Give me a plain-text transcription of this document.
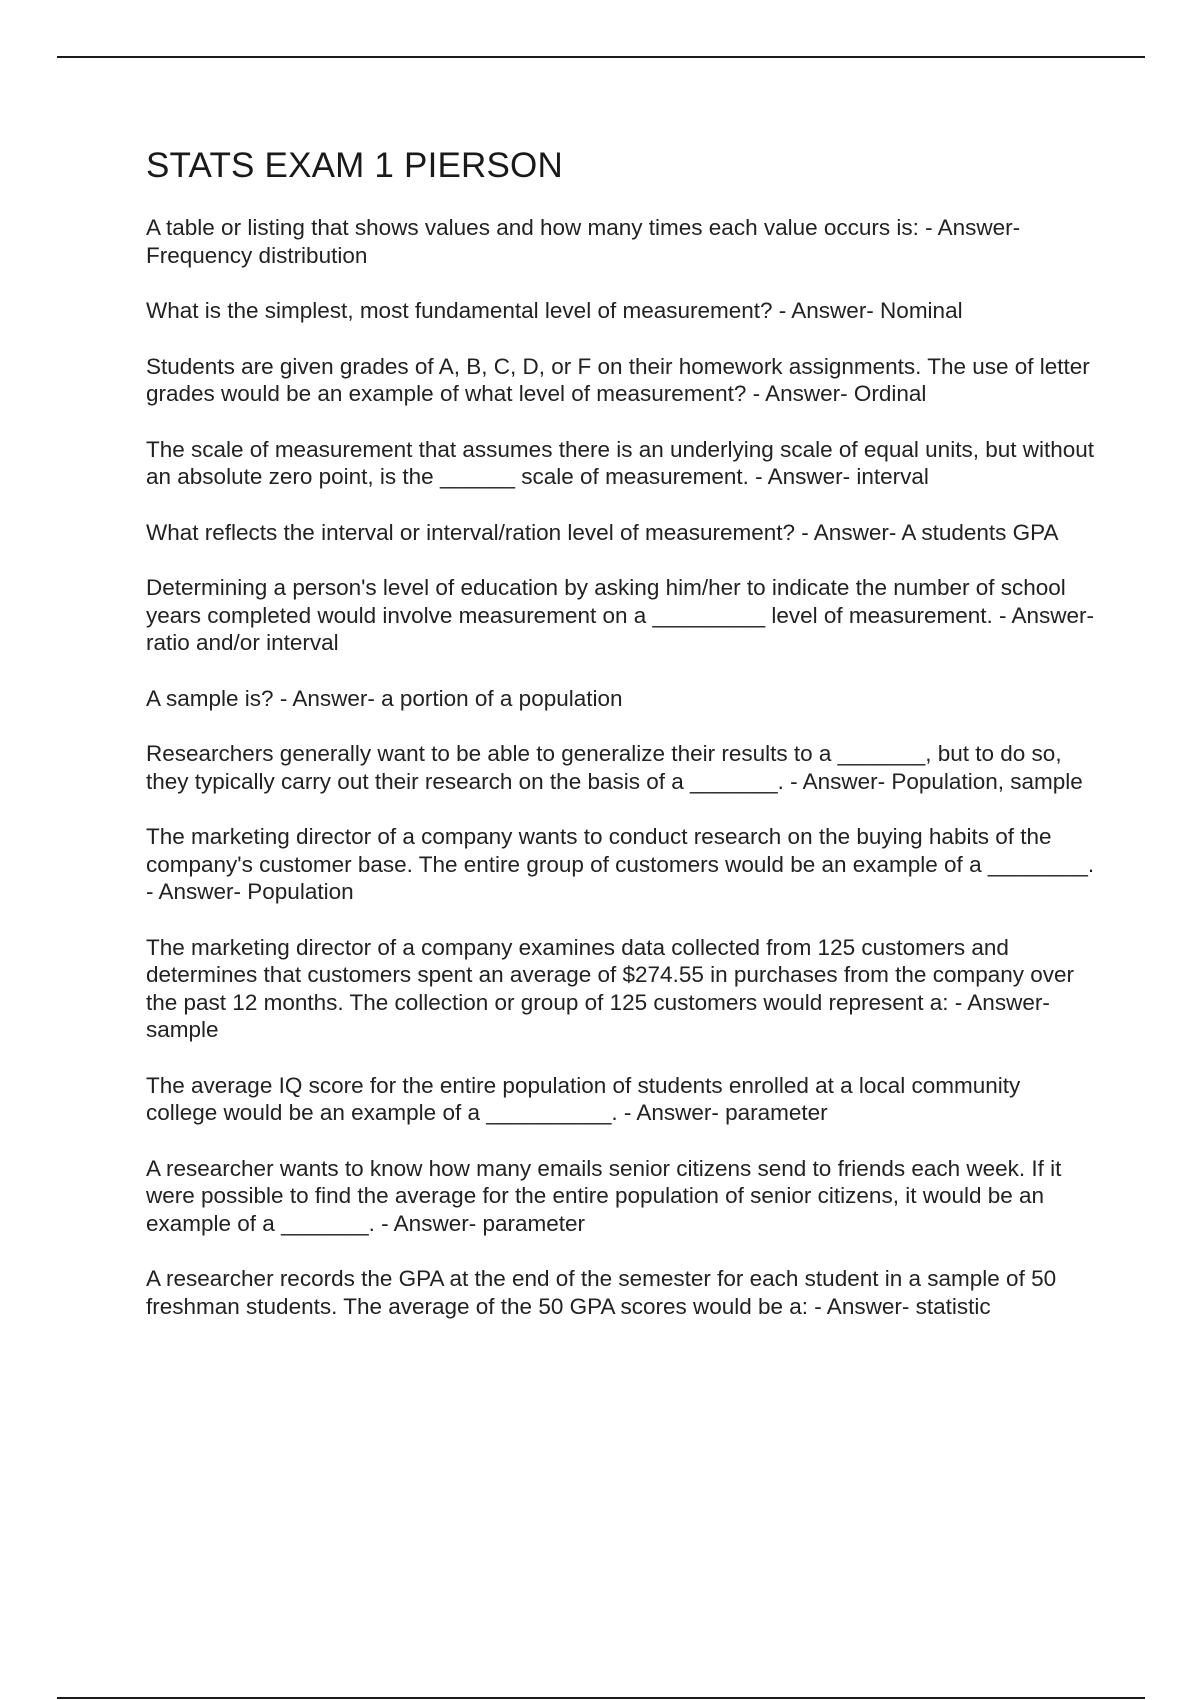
STATS EXAM 1 PIERSON
A table or listing that shows values and how many times each value occurs is: - Answer- Frequency distribution
What is the simplest, most fundamental level of measurement? - Answer- Nominal
Students are given grades of A, B, C, D, or F on their homework assignments. The use of letter grades would be an example of what level of measurement? - Answer- Ordinal
The scale of measurement that assumes there is an underlying scale of equal units, but without an absolute zero point, is the ______ scale of measurement. - Answer- interval
What reflects the interval or interval/ration level of measurement? - Answer- A students GPA
Determining a person's level of education by asking him/her to indicate the number of school years completed would involve measurement on a _________ level of measurement. - Answer- ratio and/or interval
A sample is? - Answer- a portion of a population
Researchers generally want to be able to generalize their results to a _______, but to do so, they typically carry out their research on the basis of a _______. - Answer- Population, sample
The marketing director of a company wants to conduct research on the buying habits of the company's customer base. The entire group of customers would be an example of a ________. - Answer- Population
The marketing director of a company examines data collected from 125 customers and determines that customers spent an average of $274.55 in purchases from the company over the past 12 months. The collection or group of 125 customers would represent a: - Answer- sample
The average IQ score for the entire population of students enrolled at a local community college would be an example of a __________. - Answer- parameter
A researcher wants to know how many emails senior citizens send to friends each week. If it were possible to find the average for the entire population of senior citizens, it would be an example of a _______. - Answer- parameter
A researcher records the GPA at the end of the semester for each student in a sample of 50 freshman students. The average of the 50 GPA scores would be a: - Answer- statistic
